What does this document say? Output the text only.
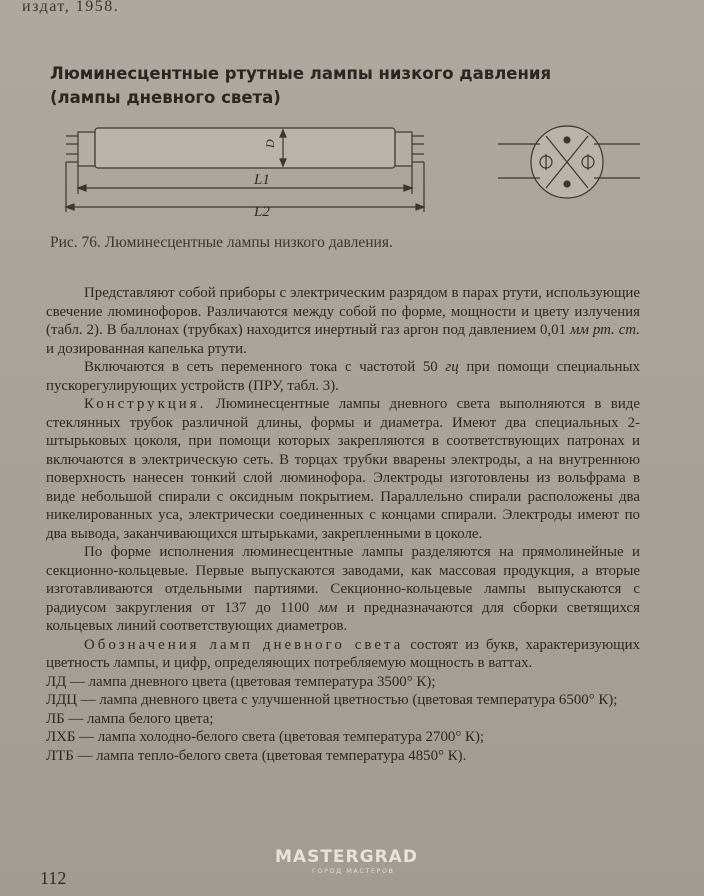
издат, 1958.
Люминесцентные ртутные лампы низкого давления
(лампы дневного света)
D
L1
L2
Рис. 76. Люминесцентные лампы низкого давления.

Представляют собой приборы с электрическим разрядом в парах ртути, использующие свечение люминофоров. Различаются между собой по форме, мощности и цвету излучения (табл. 2). В баллонах (трубках) находится инертный газ аргон под давлением 0,01 мм рт. ст. и дозированная капелька ртути.

Включаются в сеть переменного тока с частотой 50 гц при помощи специальных пускорегулирующих устройств (ПРУ, табл. 3).

Конструкция. Люминесцентные лампы дневного света выполняются в виде стеклянных трубок различной длины, формы и диаметра. Имеют два специальных 2-штырьковых цоколя, при помощи которых закрепляются в соответствующих патронах и включаются в электрическую сеть. В торцах трубки вварены электроды, а на внутреннюю поверхность нанесен тонкий слой люминофора. Электроды изготовлены из вольфрама в виде небольшой спирали с оксидным покрытием. Параллельно спирали расположены два никелированных уса, электрически соединенных с концами спирали. Электроды имеют по два вывода, заканчивающихся штырьками, закрепленными в цоколе.

По форме исполнения люминесцентные лампы разделяются на прямолинейные и секционно-кольцевые. Первые выпускаются заводами, как массовая продукция, а вторые изготавливаются отдельными партиями. Секционно-кольцевые лампы выпускаются с радиусом закругления от 137 до 1100 мм и предназначаются для сборки светящихся кольцевых линий соответствующих диаметров.

Обозначения ламп дневного света состоят из букв, характеризующих цветность лампы, и цифр, определяющих потребляемую мощность в ваттах.

ЛД — лампа дневного цвета (цветовая температура 3500° К);

ЛДЦ — лампа дневного цвета с улучшенной цветностью (цветовая температура 6500° К);

ЛБ — лампа белого цвета;

ЛХБ — лампа холодно-белого света (цветовая температура 2700° К);

ЛТБ — лампа тепло-белого света (цветовая температура 4850° К).

112
MASTERGRAD
ГОРОД МАСТЕРОВ
